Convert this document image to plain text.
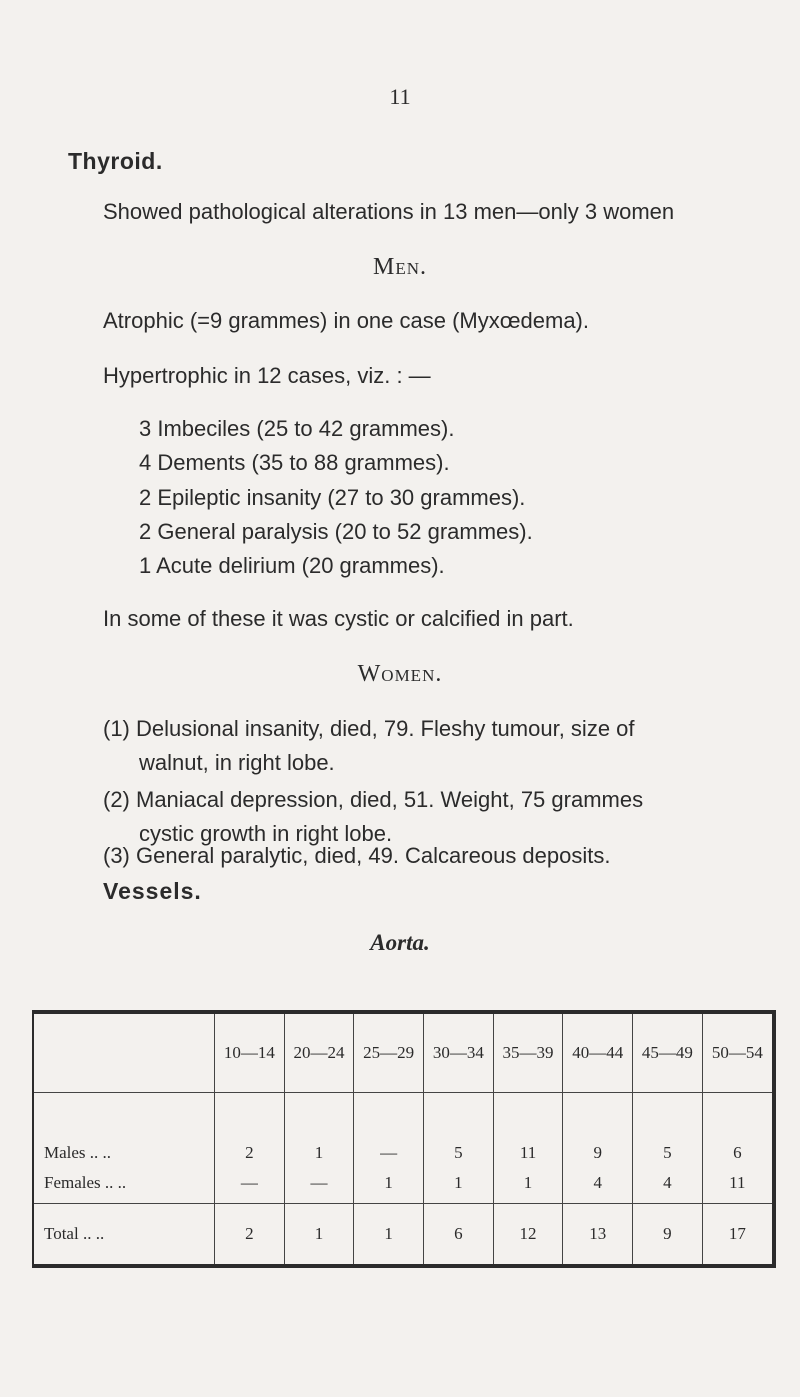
11
Thyroid.
Showed pathological alterations in 13 men—only 3 women
Men.
Atrophic (=9 grammes) in one case (Myxœdema).
Hypertrophic in 12 cases, viz. : —
3 Imbeciles (25 to 42 grammes).
4 Dements (35 to 88 grammes).
2 Epileptic insanity (27 to 30 grammes).
2 General paralysis (20 to 52 grammes).
1 Acute delirium (20 grammes).
In some of these it was cystic or calcified in part.
Women.
(1) Delusional insanity, died, 79. Fleshy tumour, size of
walnut, in right lobe.
(2) Maniacal depression, died, 51. Weight, 75 grammes
cystic growth in right lobe.
(3) General paralytic, died, 49. Calcareous deposits.
Vessels.
Aorta.
	10—14	20—24	25—29	30—34	35—39	40—44	45—49	50—54
Males .. ..	2	1	—	5	11	9	5	6
Females .. ..	—	—	1	1	1	4	4	11
Total .. ..	2	1	1	6	12	13	9	17
